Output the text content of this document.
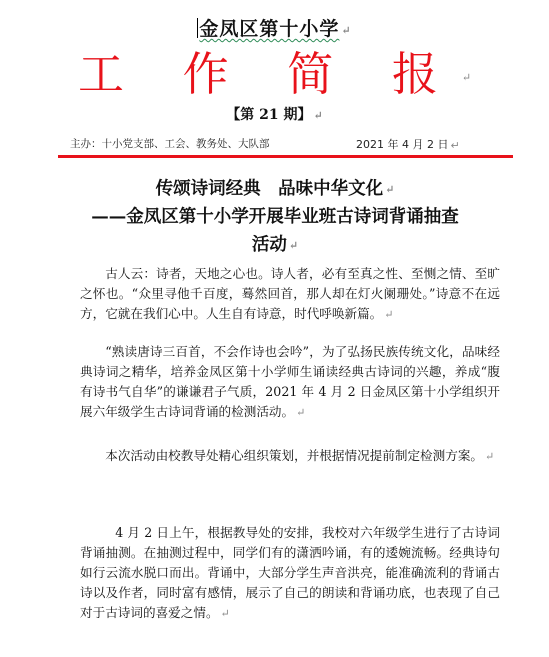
金凤区第十小学 ↵
工 作 简 报 ↵
【第 21 期】 ↵
主办：十小党支部、工会、教务处、大队部	2021 年 4 月 2 日 ↵
传颂诗词经典　品味中华文化 ↵
——金凤区第十小学开展毕业班古诗词背诵抽查
活动 ↵
古人云：诗者，天地之心也。诗人者，必有至真之性、至恻之情、至旷之怀也。“众里寻他千百度，蓦然回首，那人却在灯火阑珊处。”诗意不在远方，它就在我们心中。人生自有诗意，时代呼唤新篇。 ↵
“熟读唐诗三百首，不会作诗也会吟”，为了弘扬民族传统文化，品味经典诗词之精华，培养金凤区第十小学师生诵读经典古诗词的兴趣，养成“腹有诗书气自华”的谦谦君子气质，2021 年 4 月 2 日金凤区第十小学组织开展六年级学生古诗词背诵的检测活动。 ↵
本次活动由校教导处精心组织策划，并根据情况提前制定检测方案。 ↵
4 月 2 日上午，根据教导处的安排，我校对六年级学生进行了古诗词背诵抽测。在抽测过程中，同学们有的潇洒吟诵，有的逶婉流畅。经典诗句如行云流水脱口而出。背诵中，大部分学生声音洪亮，能准确流利的背诵古诗以及作者，同时富有感情，展示了自己的朗读和背诵功底，也表现了自己对于古诗词的喜爱之情。 ↵
